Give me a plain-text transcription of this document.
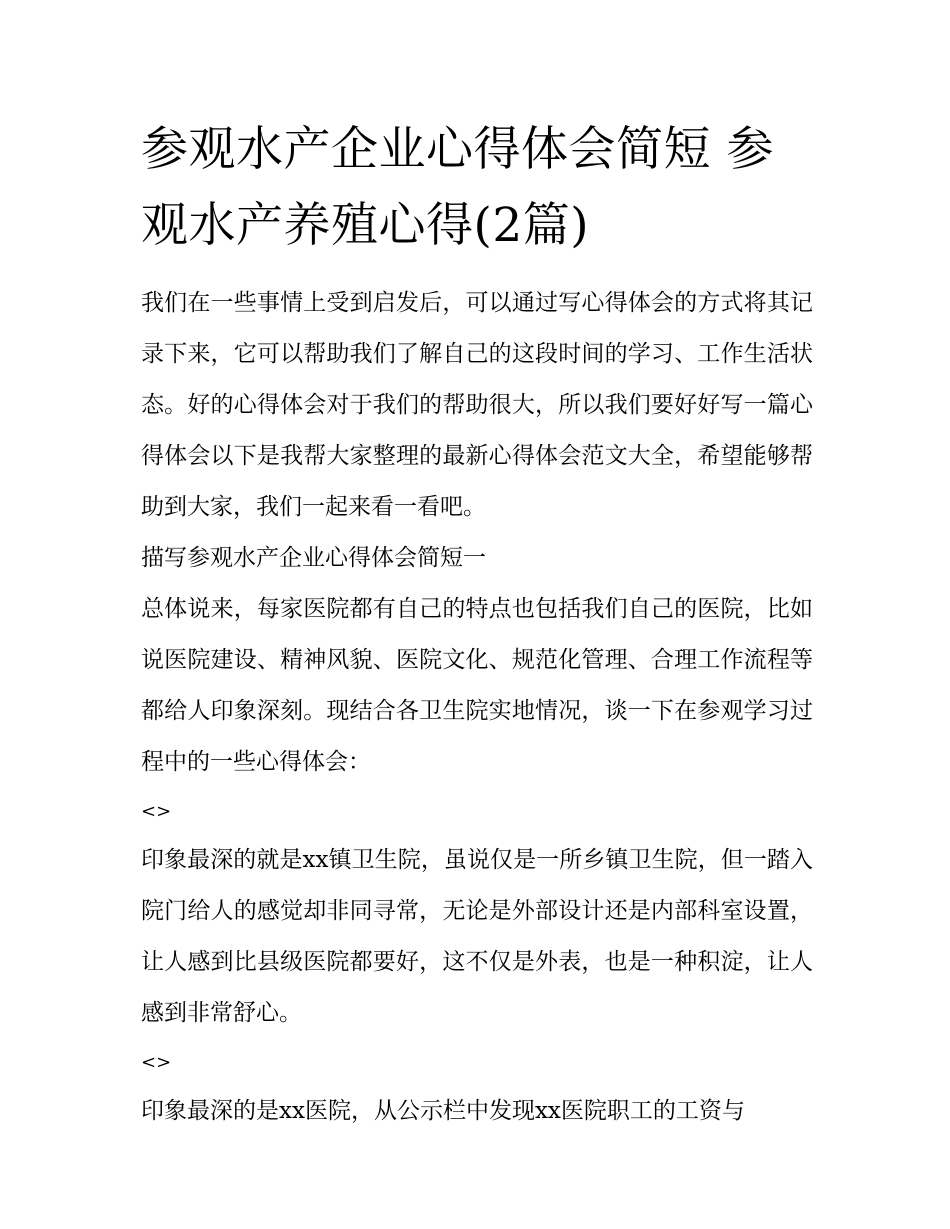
参观水产企业心得体会简短 参观水产养殖心得(2篇)

我们在一些事情上受到启发后，可以通过写心得体会的方式将其记录下来，它可以帮助我们了解自己的这段时间的学习、工作生活状态。好的心得体会对于我们的帮助很大，所以我们要好好写一篇心得体会以下是我帮大家整理的最新心得体会范文大全，希望能够帮助到大家，我们一起来看一看吧。

描写参观水产企业心得体会简短一

总体说来，每家医院都有自己的特点也包括我们自己的医院，比如说医院建设、精神风貌、医院文化、规范化管理、合理工作流程等都给人印象深刻。现结合各卫生院实地情况，谈一下在参观学习过程中的一些心得体会：

<>

印象最深的就是xx镇卫生院，虽说仅是一所乡镇卫生院，但一踏入院门给人的感觉却非同寻常，无论是外部设计还是内部科室设置，让人感到比县级医院都要好，这不仅是外表，也是一种积淀，让人感到非常舒心。

<>

印象最深的是xx医院，从公示栏中发现xx医院职工的工资与
